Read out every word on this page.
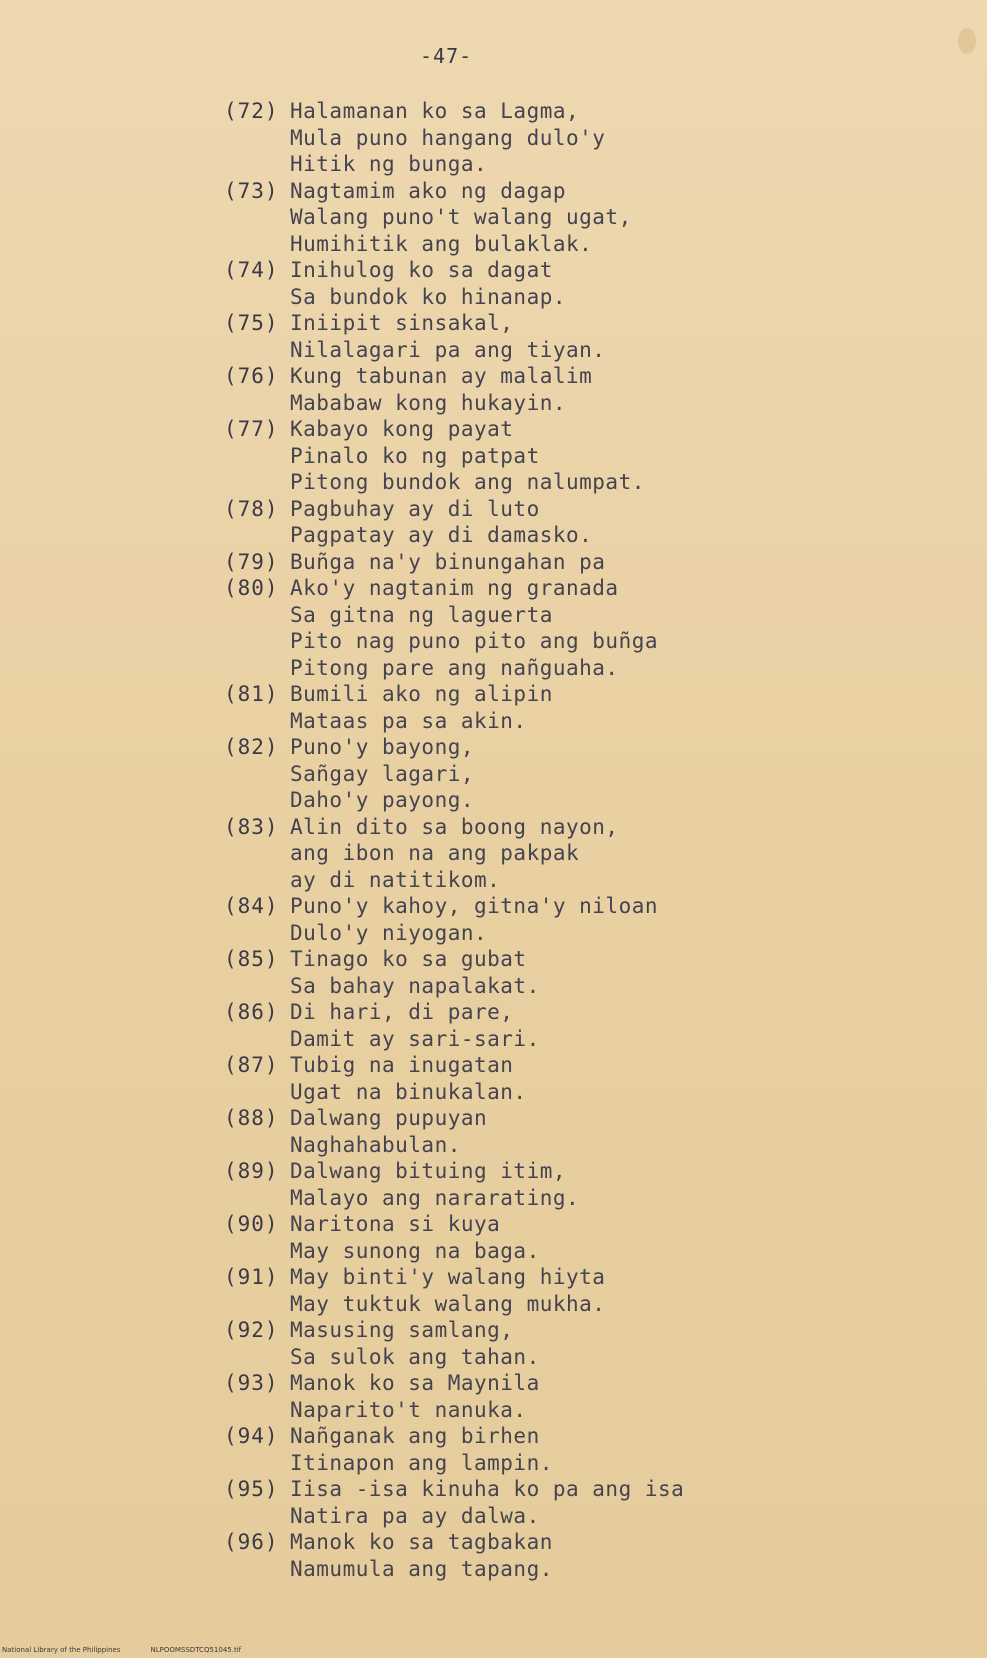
-47-
(72) Halamanan ko sa Lagma,
Mula puno hangang dulo'y
Hitik ng bunga.
(73) Nagtamim ako ng dagap
Walang puno't walang ugat,
Humihitik ang bulaklak.
(74) Inihulog ko sa dagat
Sa bundok ko hinanap.
(75) Iniipit sinsakal,
Nilalagari pa ang tiyan.
(76) Kung tabunan ay malalim
Mababaw kong hukayin.
(77) Kabayo kong payat
Pinalo ko ng patpat
Pitong bundok ang nalumpat.
(78) Pagbuhay ay di luto
Pagpatay ay di damasko.
(79) Buñga na'y binungahan pa
(80) Ako'y nagtanim ng granada
Sa gitna ng laguerta
Pito nag puno pito ang buñga
Pitong pare ang nañguaha.
(81) Bumili ako ng alipin
Mataas pa sa akin.
(82) Puno'y bayong,
Sañgay lagari,
Daho'y payong.
(83) Alin dito sa boong nayon,
ang ibon na ang pakpak
ay di natitikom.
(84) Puno'y kahoy, gitna'y niloan
Dulo'y niyogan.
(85) Tinago ko sa gubat
Sa bahay napalakat.
(86) Di hari, di pare,
Damit ay sari-sari.
(87) Tubig na inugatan
Ugat na binukalan.
(88) Dalwang pupuyan
Naghahabulan.
(89) Dalwang bituing itim,
Malayo ang nararating.
(90) Naritona si kuya
May sunong na baga.
(91) May binti'y walang hiyta
May tuktuk walang mukha.
(92) Masusing samlang,
Sa sulok ang tahan.
(93) Manok ko sa Maynila
Naparito't nanuka.
(94) Nañganak ang birhen
Itinapon ang lampin.
(95) Iisa -isa kinuha ko pa ang isa
Natira pa ay dalwa.
(96) Manok ko sa tagbakan
Namumula ang tapang.
National Library of the Philippines	NLPOOMSSDTCQ51045.tif
